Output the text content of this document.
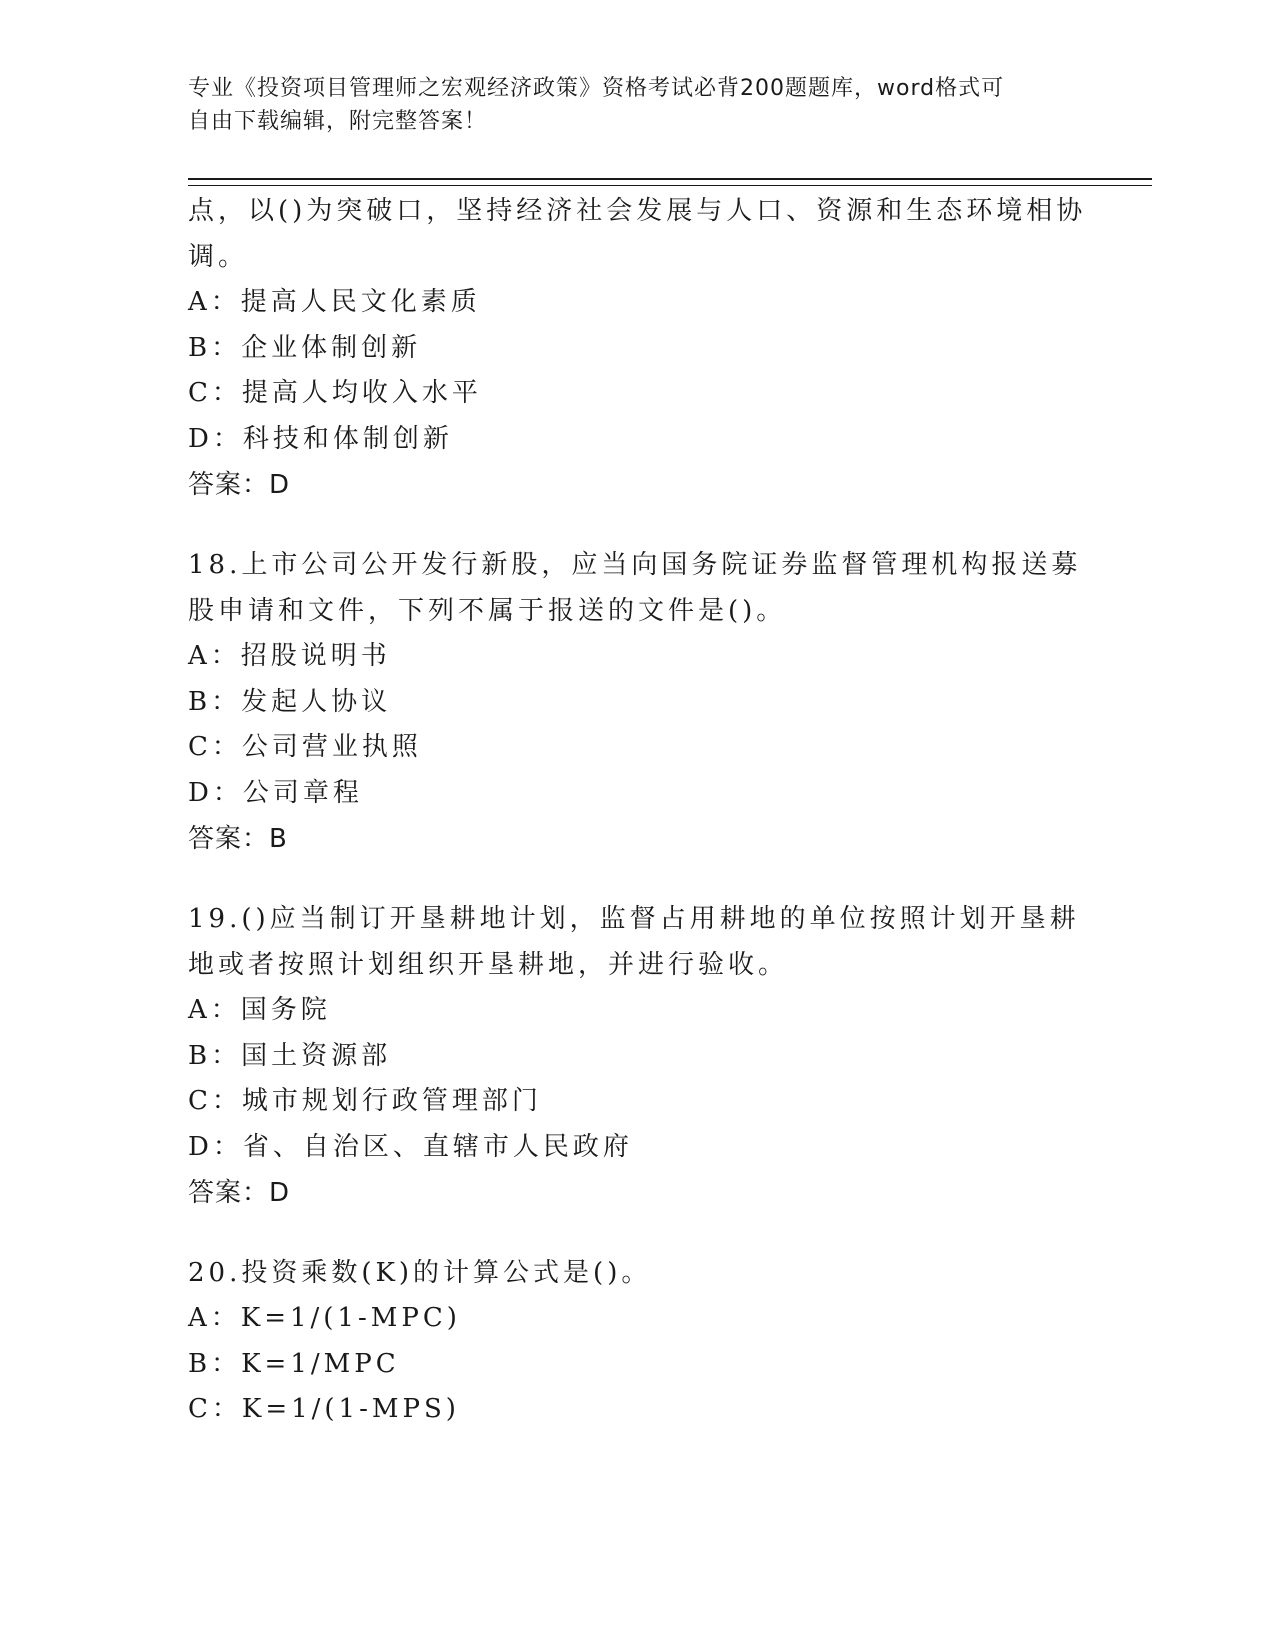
专业《投资项目管理师之宏观经济政策》资格考试必背200题题库，word格式可
自由下载编辑，附完整答案！
点，以()为突破口，坚持经济社会发展与人口、资源和生态环境相协调。
A：提高人民文化素质
B：企业体制创新
C：提高人均收入水平
D：科技和体制创新
答案：D
18.上市公司公开发行新股，应当向国务院证券监督管理机构报送募股申请和文件，下列不属于报送的文件是()。
A：招股说明书
B：发起人协议
C：公司营业执照
D：公司章程
答案：B
19.()应当制订开垦耕地计划，监督占用耕地的单位按照计划开垦耕地或者按照计划组织开垦耕地，并进行验收。
A：国务院
B：国土资源部
C：城市规划行政管理部门
D：省、自治区、直辖市人民政府
答案：D
20.投资乘数(K)的计算公式是()。
A：K=1/(1-MPC)
B：K=1/MPC
C：K=1/(1-MPS)
